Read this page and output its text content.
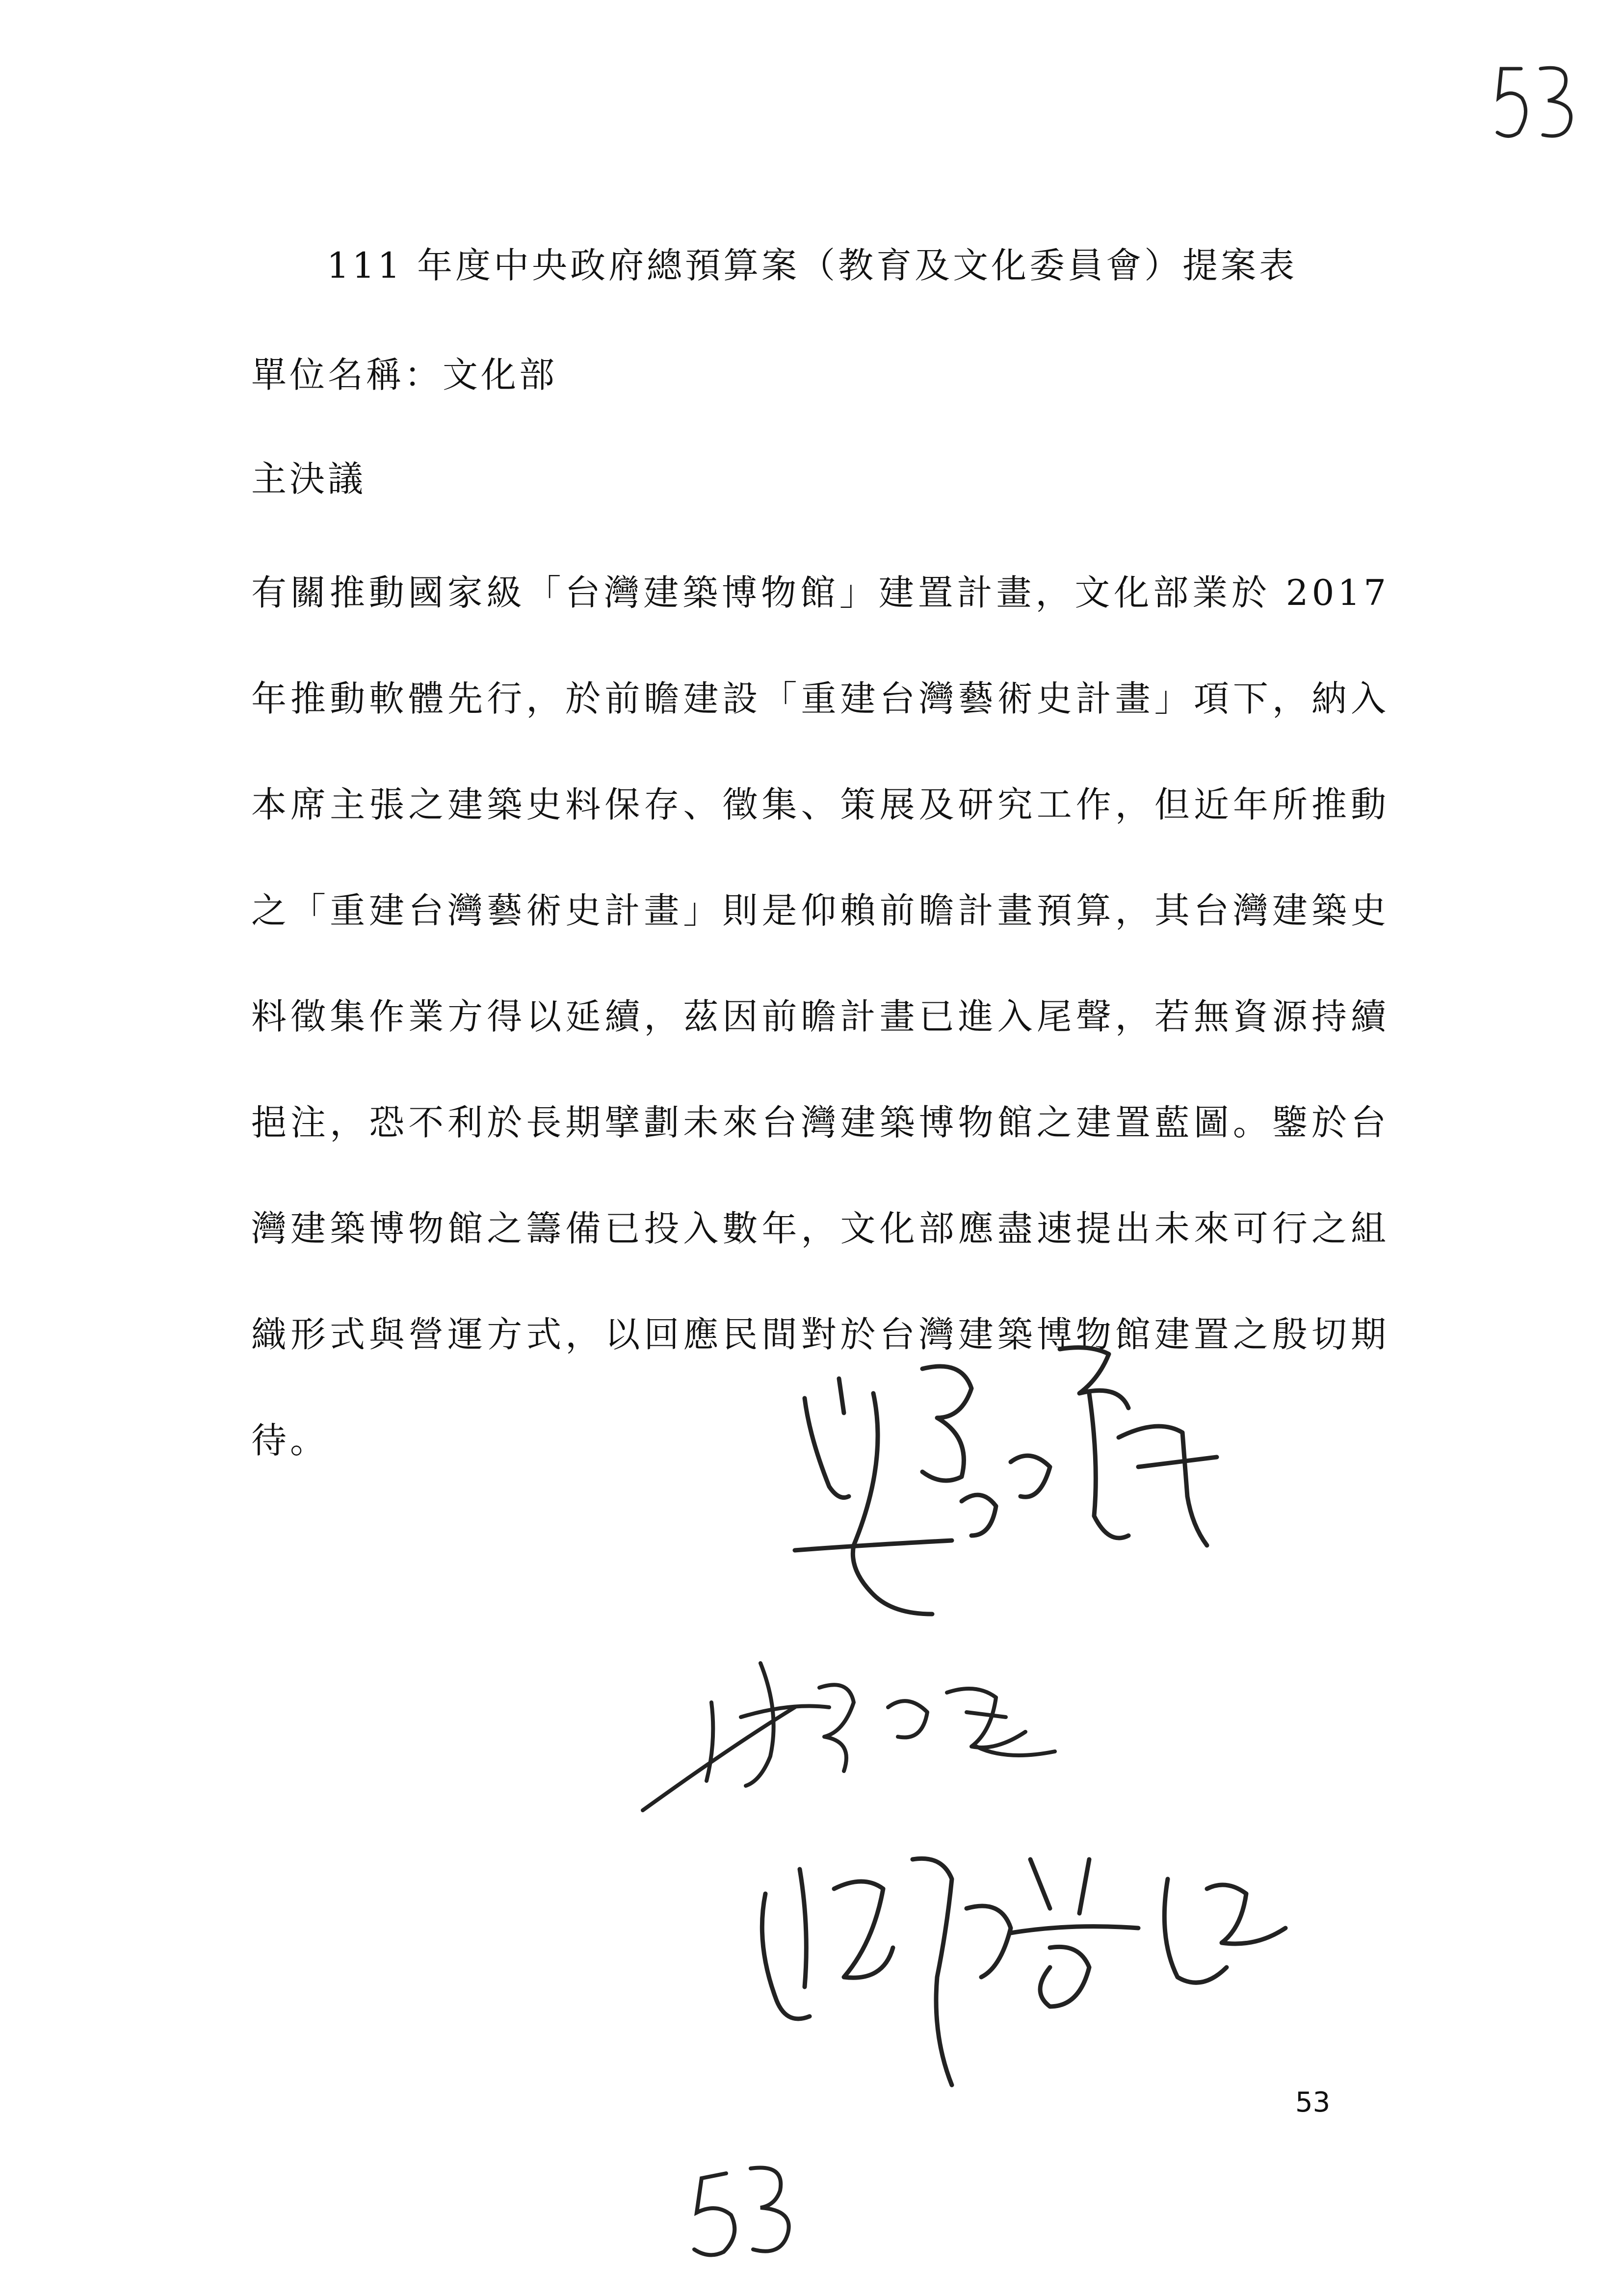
111 年度中央政府總預算案（教育及文化委員會）提案表
單位名稱：文化部
主決議
有關推動國家級「台灣建築博物館」建置計畫，文化部業於 2017 年推動軟體先行，於前瞻建設「重建台灣藝術史計畫」項下，納入本席主張之建築史料保存、徵集、策展及研究工作，但近年所推動之「重建台灣藝術史計畫」則是仰賴前瞻計畫預算，其台灣建築史料徵集作業方得以延續，茲因前瞻計畫已進入尾聲，若無資源持續挹注，恐不利於長期擘劃未來台灣建築博物館之建置藍圖。鑒於台灣建築博物館之籌備已投入數年，文化部應盡速提出未來可行之組織形式與營運方式，以回應民間對於台灣建築博物館建置之殷切期待。
53
